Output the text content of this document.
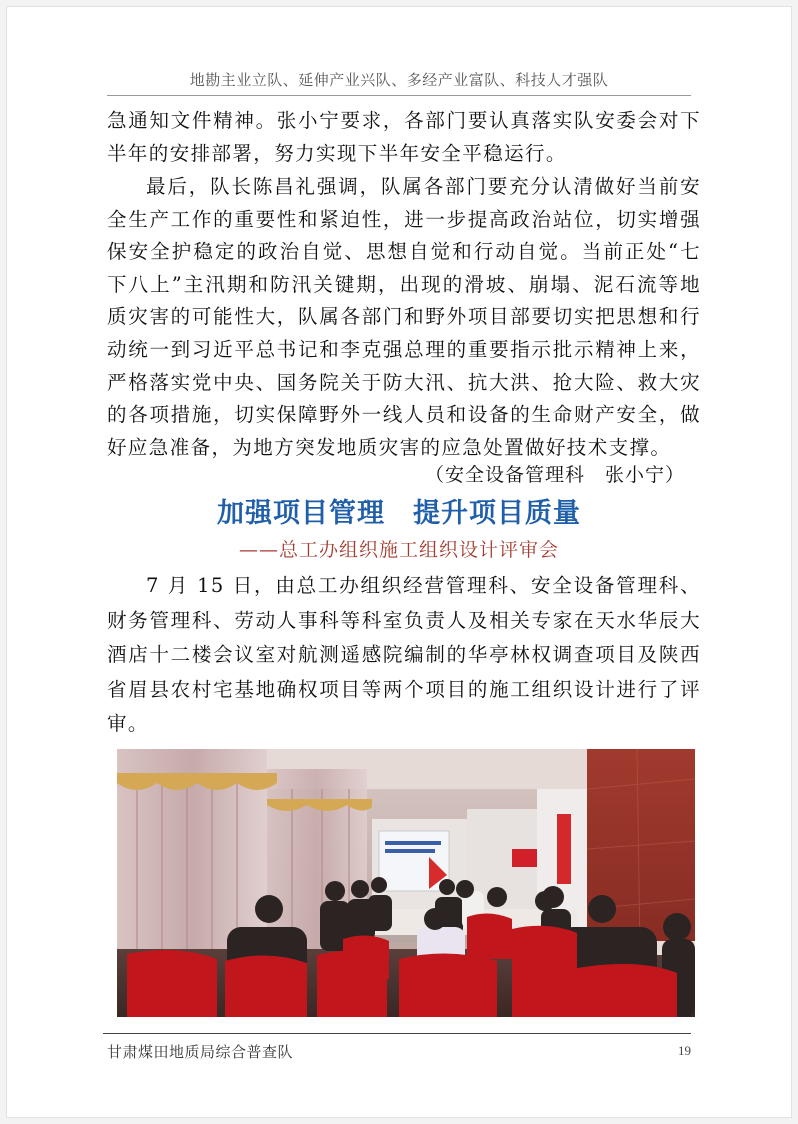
地勘主业立队、延伸产业兴队、多经产业富队、科技人才强队
急通知文件精神。张小宁要求，各部门要认真落实队安委会对下半年的安排部署，努力实现下半年安全平稳运行。
最后，队长陈昌礼强调，队属各部门要充分认清做好当前安全生产工作的重要性和紧迫性，进一步提高政治站位，切实增强保安全护稳定的政治自觉、思想自觉和行动自觉。当前正处“七下八上”主汛期和防汛关键期，出现的滑坡、崩塌、泥石流等地质灾害的可能性大，队属各部门和野外项目部要切实把思想和行动统一到习近平总书记和李克强总理的重要指示批示精神上来，严格落实党中央、国务院关于防大汛、抗大洪、抢大险、救大灾的各项措施，切实保障野外一线人员和设备的生命财产安全，做好应急准备，为地方突发地质灾害的应急处置做好技术支撑。
（安全设备管理科　张小宁）
加强项目管理　提升项目质量
——总工办组织施工组织设计评审会
7 月 15 日，由总工办组织经营管理科、安全设备管理科、财务管理科、劳动人事科等科室负责人及相关专家在天水华辰大酒店十二楼会议室对航测遥感院编制的华亭林权调查项目及陕西省眉县农村宅基地确权项目等两个项目的施工组织设计进行了评审。
甘肃煤田地质局综合普查队	19
